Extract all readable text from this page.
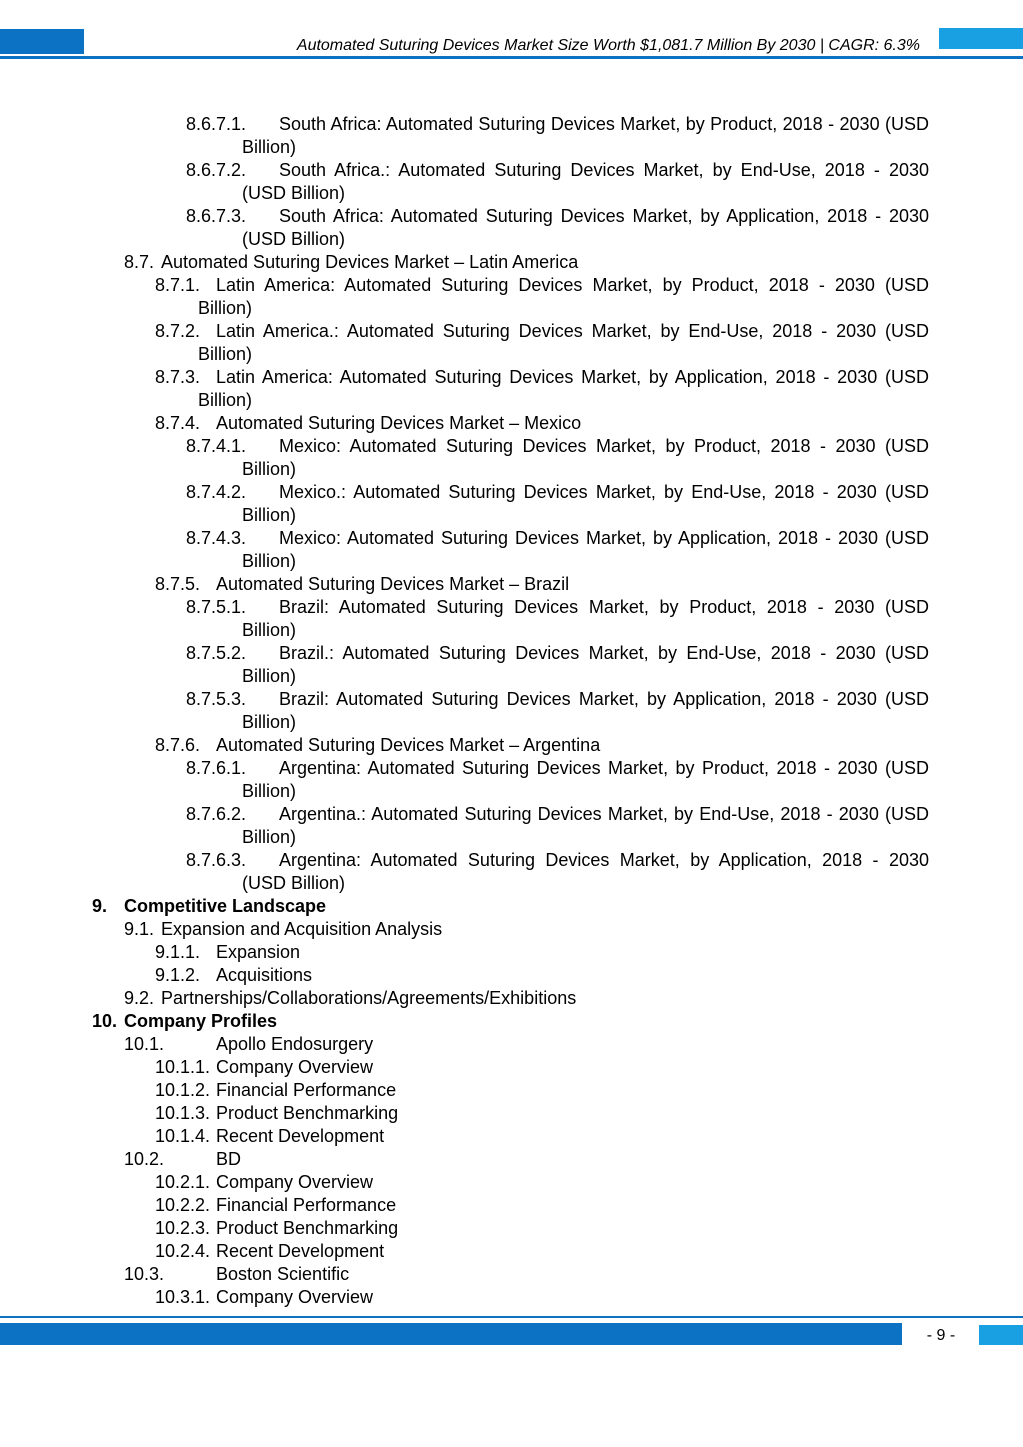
Automated Suturing Devices Market Size Worth $1,081.7 Million By 2030 | CAGR: 6.3%
8.6.7.1.	South Africa: Automated Suturing Devices Market, by Product, 2018 - 2030 (USD Billion)
8.6.7.2.	South Africa.: Automated Suturing Devices Market, by End-Use, 2018 - 2030 (USD Billion)
8.6.7.3.	South Africa: Automated Suturing Devices Market, by Application, 2018 - 2030 (USD Billion)
8.7. Automated Suturing Devices Market – Latin America
8.7.1. Latin America: Automated Suturing Devices Market, by Product, 2018 - 2030 (USD Billion)
8.7.2. Latin America.: Automated Suturing Devices Market, by End-Use, 2018 - 2030 (USD Billion)
8.7.3. Latin America: Automated Suturing Devices Market, by Application, 2018 - 2030 (USD Billion)
8.7.4. Automated Suturing Devices Market – Mexico
8.7.4.1.	Mexico: Automated Suturing Devices Market, by Product, 2018 - 2030 (USD Billion)
8.7.4.2.	Mexico.: Automated Suturing Devices Market, by End-Use, 2018 - 2030 (USD Billion)
8.7.4.3.	Mexico: Automated Suturing Devices Market, by Application, 2018 - 2030 (USD Billion)
8.7.5. Automated Suturing Devices Market – Brazil
8.7.5.1.	Brazil: Automated Suturing Devices Market, by Product, 2018 - 2030 (USD Billion)
8.7.5.2.	Brazil.: Automated Suturing Devices Market, by End-Use, 2018 - 2030 (USD Billion)
8.7.5.3.	Brazil: Automated Suturing Devices Market, by Application, 2018 - 2030 (USD Billion)
8.7.6. Automated Suturing Devices Market – Argentina
8.7.6.1.	Argentina: Automated Suturing Devices Market, by Product, 2018 - 2030 (USD Billion)
8.7.6.2.	Argentina.: Automated Suturing Devices Market, by End-Use, 2018 - 2030 (USD Billion)
8.7.6.3.	Argentina: Automated Suturing Devices Market, by Application, 2018 - 2030 (USD Billion)
9. Competitive Landscape
9.1. Expansion and Acquisition Analysis
9.1.1. Expansion
9.1.2. Acquisitions
9.2. Partnerships/Collaborations/Agreements/Exhibitions
10. Company Profiles
10.1.	Apollo Endosurgery
10.1.1. Company Overview
10.1.2. Financial Performance
10.1.3. Product Benchmarking
10.1.4. Recent Development
10.2.	BD
10.2.1. Company Overview
10.2.2. Financial Performance
10.2.3. Product Benchmarking
10.2.4. Recent Development
10.3.	Boston Scientific
10.3.1. Company Overview
- 9 -
